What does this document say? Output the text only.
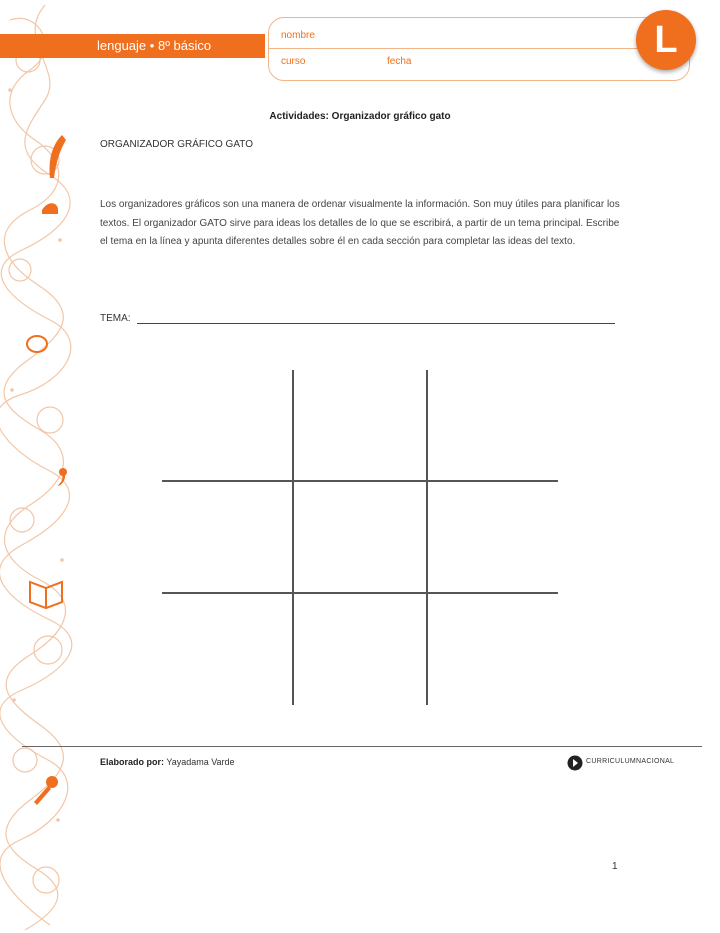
lenguaje • 8º básico
nombre
curso	fecha
L
Actividades: Organizador gráfico gato
ORGANIZADOR GRÁFICO GATO
Los organizadores gráficos son una manera de ordenar visualmente la información. Son muy útiles para planificar los textos. El organizador GATO sirve para ideas los detalles de lo que se escribirá, a partir de un tema principal. Escribe el tema en la línea y apunta diferentes detalles sobre él en cada sección para completar las ideas del texto.
TEMA:
Elaborado por: Yayadama Varde	CURRICULUMNACIONAL
1
